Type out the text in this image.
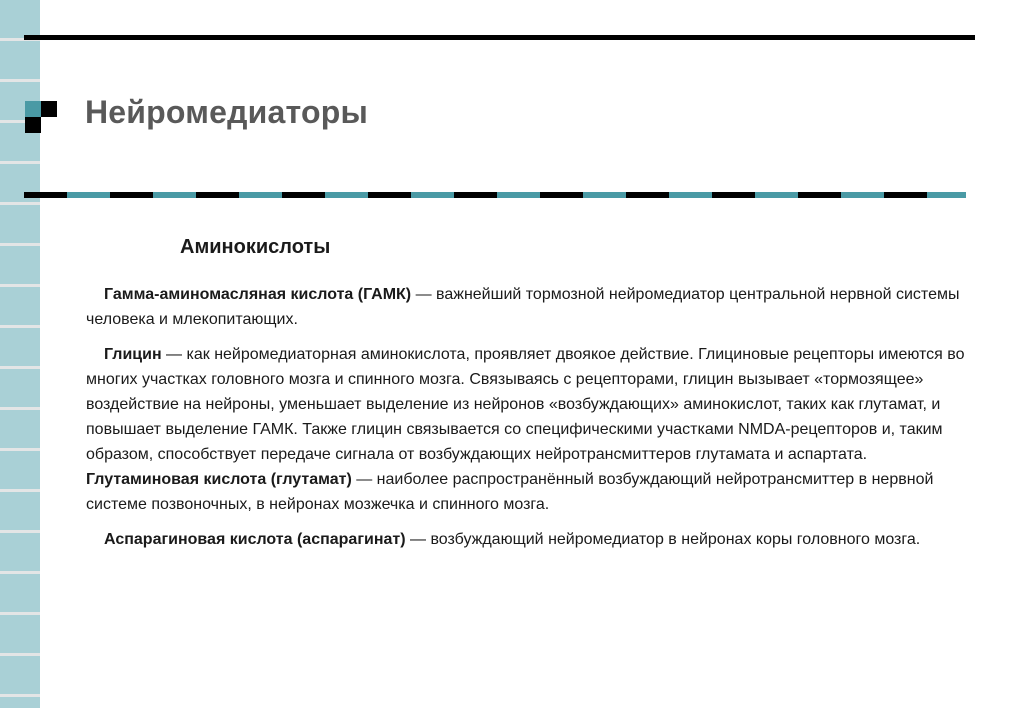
Нейромедиаторы
Аминокислоты

Гамма-аминомасляная кислота (ГАМК) — важнейший тормозной нейромедиатор центральной нервной системы человека и млекопитающих.

Глицин — как нейромедиаторная аминокислота, проявляет двоякое действие. Глициновые рецепторы имеются во многих участках головного мозга и спинного мозга. Связываясь с рецепторами, глицин вызывает «тормозящее» воздействие на нейроны, уменьшает выделение из нейронов «возбуждающих» аминокислот, таких как глутамат, и повышает выделение ГАМК. Также глицин связывается со специфическими участками NMDA-рецепторов и, таким образом, способствует передаче сигнала от возбуждающих нейротрансмиттеров глутамата и аспартата.

Глутаминовая кислота (глутамат) — наиболее распространённый возбуждающий нейротрансмиттер в нервной системе позвоночных, в нейронах мозжечка и спинного мозга.

Аспарагиновая кислота (аспарагинат) — возбуждающий нейромедиатор в нейронах коры головного мозга.
